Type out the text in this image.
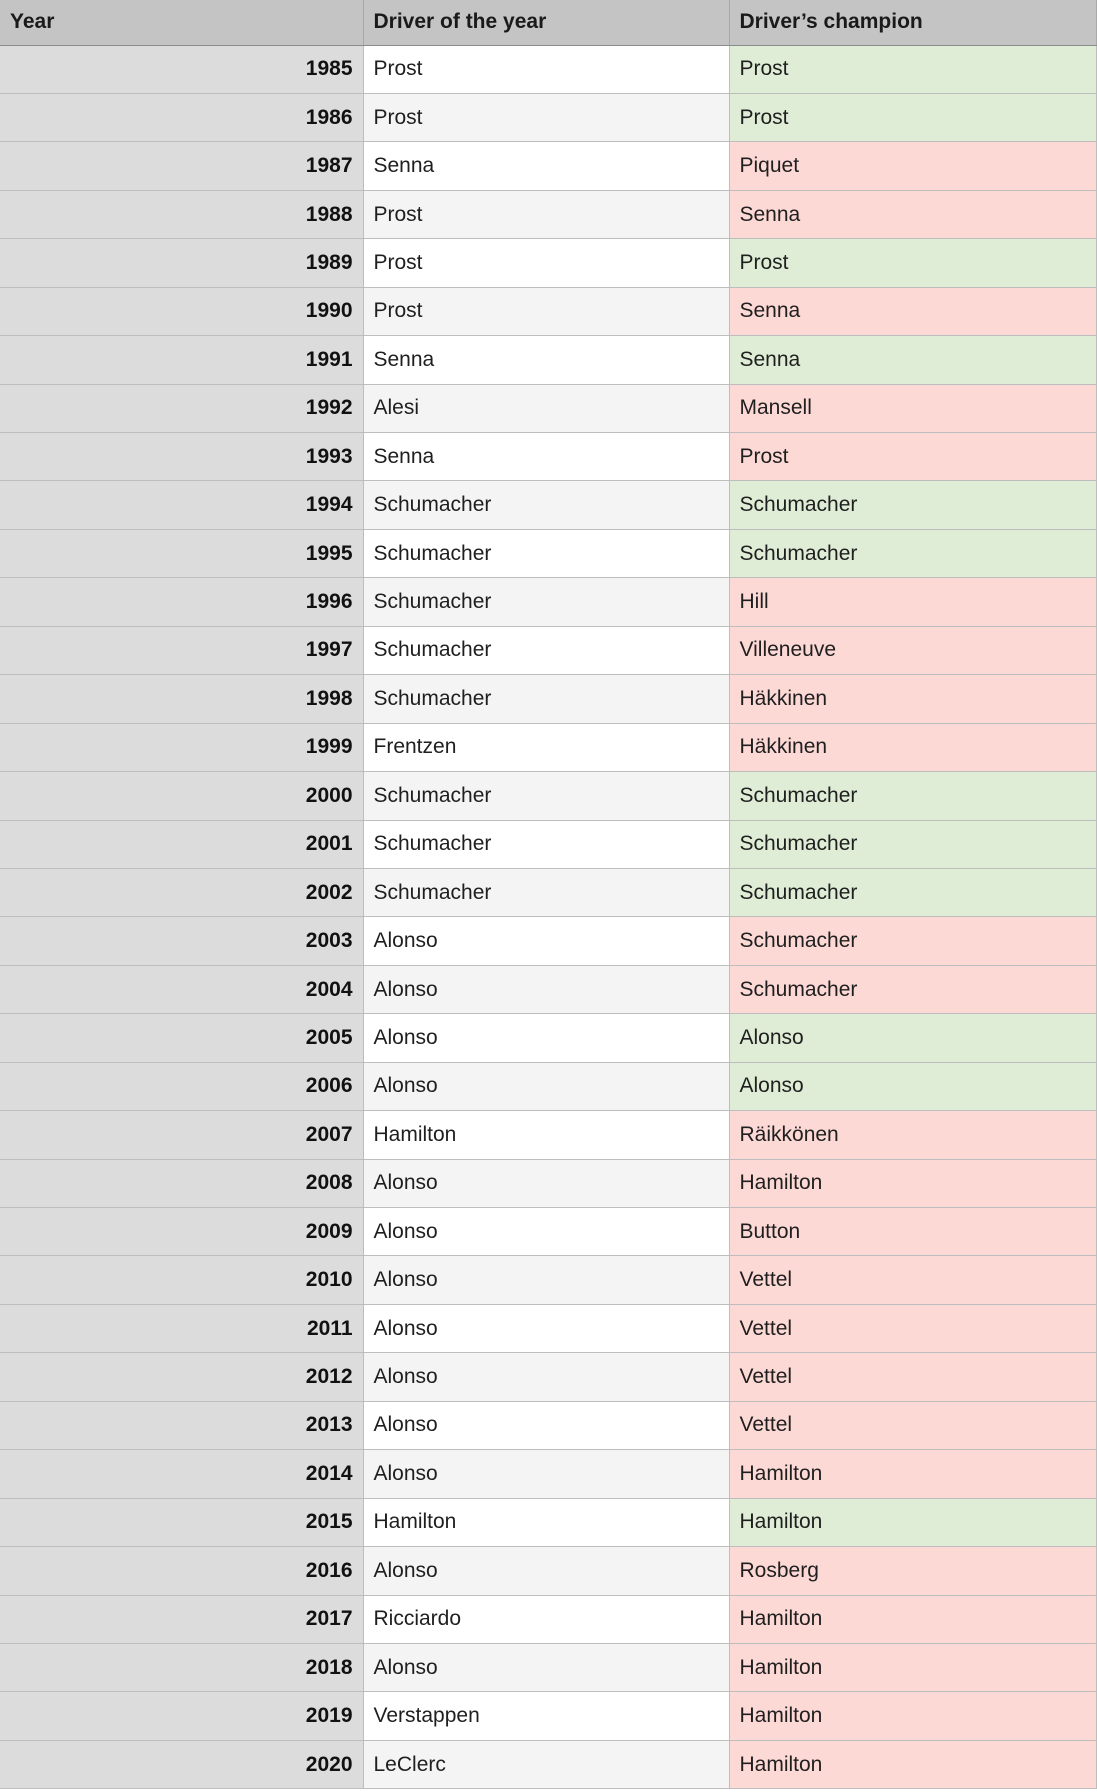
Year	Driver of the year	Driver’s champion
1985	Prost	Prost
1986	Prost	Prost
1987	Senna	Piquet
1988	Prost	Senna
1989	Prost	Prost
1990	Prost	Senna
1991	Senna	Senna
1992	Alesi	Mansell
1993	Senna	Prost
1994	Schumacher	Schumacher
1995	Schumacher	Schumacher
1996	Schumacher	Hill
1997	Schumacher	Villeneuve
1998	Schumacher	Häkkinen
1999	Frentzen	Häkkinen
2000	Schumacher	Schumacher
2001	Schumacher	Schumacher
2002	Schumacher	Schumacher
2003	Alonso	Schumacher
2004	Alonso	Schumacher
2005	Alonso	Alonso
2006	Alonso	Alonso
2007	Hamilton	Räikkönen
2008	Alonso	Hamilton
2009	Alonso	Button
2010	Alonso	Vettel
2011	Alonso	Vettel
2012	Alonso	Vettel
2013	Alonso	Vettel
2014	Alonso	Hamilton
2015	Hamilton	Hamilton
2016	Alonso	Rosberg
2017	Ricciardo	Hamilton
2018	Alonso	Hamilton
2019	Verstappen	Hamilton
2020	LeClerc	Hamilton
